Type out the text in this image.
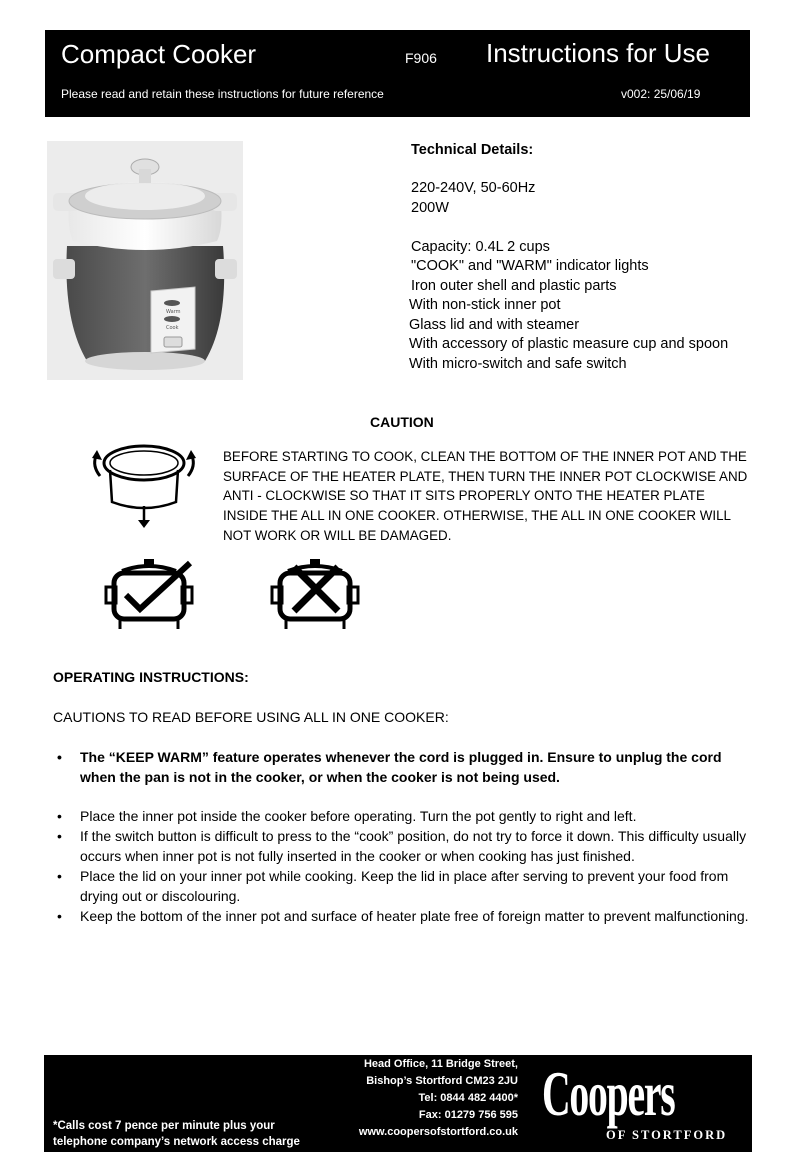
Compact Cooker	F906 Instructions for Use
Please read and retain these instructions for future reference	v002: 25/06/19
Warm
Cook
Technical Details:
220-240V, 50-60Hz
200W
Capacity: 0.4L 2 cups
"COOK" and "WARM" indicator lights
Iron outer shell and plastic parts
With non-stick inner pot
Glass lid and with steamer
With accessory of plastic measure cup and spoon
With micro-switch and safe switch
CAUTION
BEFORE STARTING TO COOK, CLEAN THE BOTTOM OF THE INNER POT AND THE SURFACE OF THE HEATER PLATE, THEN TURN THE INNER POT CLOCKWISE AND ANTI - CLOCKWISE SO THAT IT SITS PROPERLY ONTO THE HEATER PLATE INSIDE THE ALL IN ONE COOKER. OTHERWISE, THE ALL IN ONE COOKER WILL NOT WORK OR WILL BE DAMAGED.
OPERATING INSTRUCTIONS:
CAUTIONS TO READ BEFORE USING ALL IN ONE COOKER:
• The “KEEP WARM” feature operates whenever the cord is plugged in. Ensure to unplug the cord when the pan is not in the cooker, or when the cooker is not being used.
• Place the inner pot inside the cooker before operating. Turn the pot gently to right and left.
• If the switch button is difficult to press to the “cook” position, do not try to force it down. This difficulty usually occurs when inner pot is not fully inserted in the cooker or when cooking has just finished.
• Place the lid on your inner pot while cooking. Keep the lid in place after serving to prevent your food from drying out or discolouring.
• Keep the bottom of the inner pot and surface of heater plate free of foreign matter to prevent malfunctioning.
*Calls cost 7 pence per minute plus your telephone company’s network access charge
Head Office, 11 Bridge Street,
Bishop’s Stortford CM23 2JU
Tel: 0844 482 4400*
Fax: 01279 756 595
www.coopersofstortford.co.uk
Coopers
OF STORTFORD
